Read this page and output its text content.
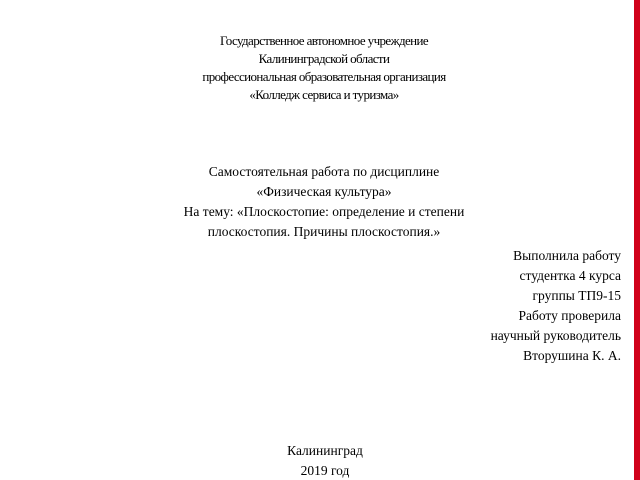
Государственное автономное учреждение
Калининградской области
профессиональная образовательная организация
«Колледж сервиса и туризма»
Самостоятельная работа по дисциплине
«Физическая культура»
На тему: «Плоскостопие: определение и степени
плоскостопия. Причины плоскостопия.»
Выполнила работу
студентка 4 курса
группы ТП9-15
Работу проверила
научный руководитель
Вторушина К. А.
Калининград
2019 год
